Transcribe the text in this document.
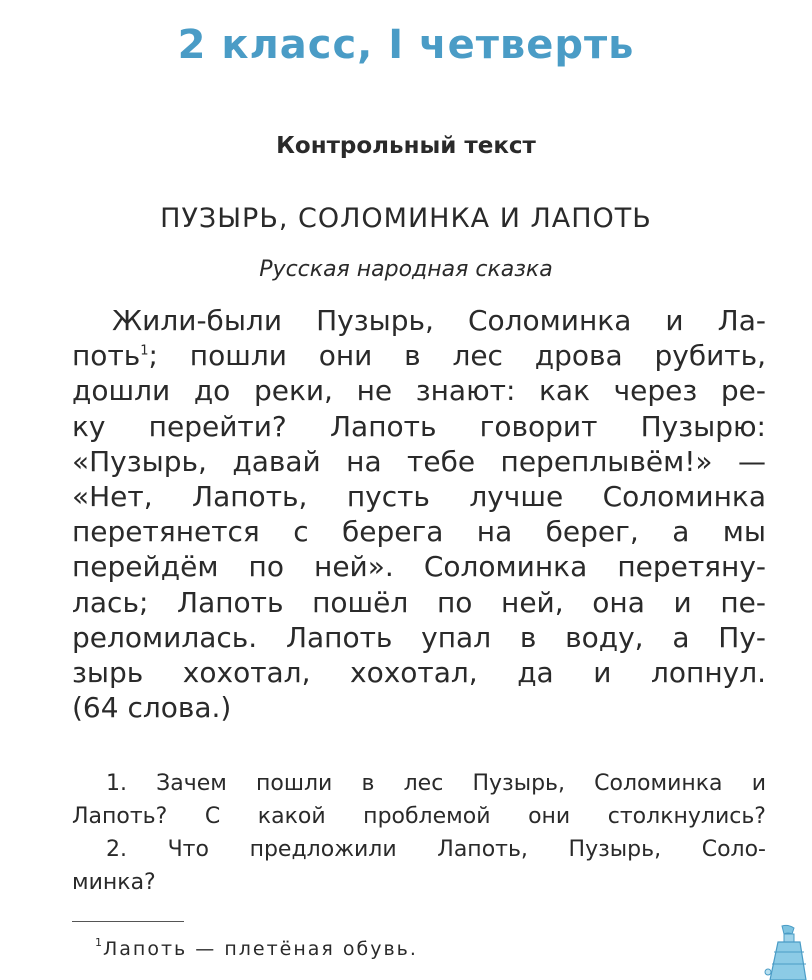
2 класс, I четверть
Контрольный текст
ПУЗЫРЬ, СОЛОМИНКА И ЛАПОТЬ
Русская народная сказка
Жили-были Пузырь, Соломинка и Ла-
поть$^1$; пошли они в лес дрова рубить,
дошли до реки, не знают: как через ре-
ку перейти? Лапоть говорит Пузырю:
«Пузырь, давай на тебе переплывём!» —
«Нет, Лапоть, пусть лучше Соломинка
перетянется с берега на берег, а мы
перейдём по ней». Соломинка перетяну-
лась; Лапоть пошёл по ней, она и пе-
реломилась. Лапоть упал в воду, а Пу-
зырь хохотал, хохотал, да и лопнул.
(64 слова.)
1. Зачем пошли в лес Пузырь, Соломинка и
Лапоть? С какой проблемой они столкнулись?
2. Что предложили Лапоть, Пузырь, Соло-
минка?
1 Лапоть — плетёная обувь.
